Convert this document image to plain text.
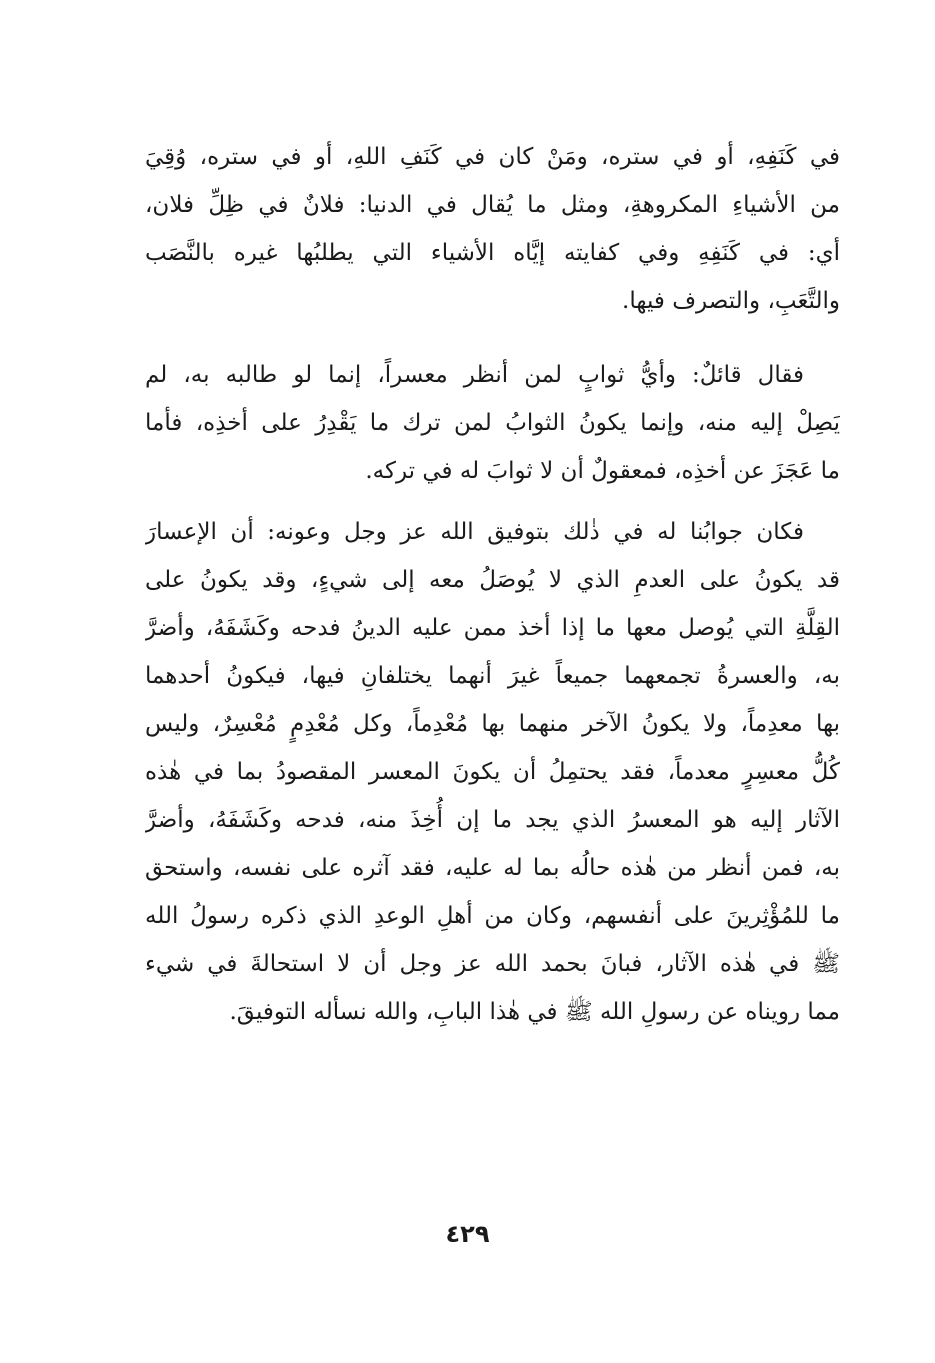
في كَنَفِهِ، أو في ستره، ومَنْ كان في كَنَفِ اللهِ، أو في ستره، وُقِيَ
من الأشياءِ المكروهةِ، ومثل ما يُقال في الدنيا: فلانٌ في ظِلِّ فلان،
أي: في كَنَفِهِ وفي كفايته إيَّاه الأشياء التي يطلبُها غيره بالنَّصَب
والتَّعَبِ، والتصرف فيها.
فقال قائلٌ: وأيُّ ثوابٍ لمن أنظر معسراً، إنما لو طالبه به، لم
يَصِلْ إليه منه، وإنما يكونُ الثوابُ لمن ترك ما يَقْدِرُ على أخذِه، فأما
ما عَجَزَ عن أخذِه، فمعقولٌ أن لا ثوابَ له في تركه.
فكان جوابُنا له في ذٰلك بتوفيق الله عز وجل وعونه: أن الإعسارَ
قد يكونُ على العدمِ الذي لا يُوصَلُ معه إلى شيءٍ، وقد يكونُ على
القِلَّةِ التي يُوصل معها ما إذا أخذ ممن عليه الدينُ فدحه وكَشَفَهُ، وأضرَّ
به، والعسرةُ تجمعهما جميعاً غيرَ أنهما يختلفانِ فيها، فيكونُ أحدهما
بها معدِماً، ولا يكونُ الآخر منهما بها مُعْدِماً، وكل مُعْدِمٍ مُعْسِرٌ، وليس
كُلُّ معسِرٍ معدماً، فقد يحتمِلُ أن يكونَ المعسر المقصودُ بما في هٰذه
الآثار إليه هو المعسرُ الذي يجد ما إن أُخِذَ منه، فدحه وكَشَفَهُ، وأضرَّ
به، فمن أنظر من هٰذه حالُه بما له عليه، فقد آثره على نفسه، واستحق
ما للمُؤْثِرينَ على أنفسهم، وكان من أهلِ الوعدِ الذي ذكره رسولُ الله
ﷺ في هٰذه الآثار، فبانَ بحمد الله عز وجل أن لا استحالةَ في شيء
مما رويناه عن رسولِ الله ﷺ في هٰذا البابِ، والله نسأله التوفيقَ.
٤٢٩
